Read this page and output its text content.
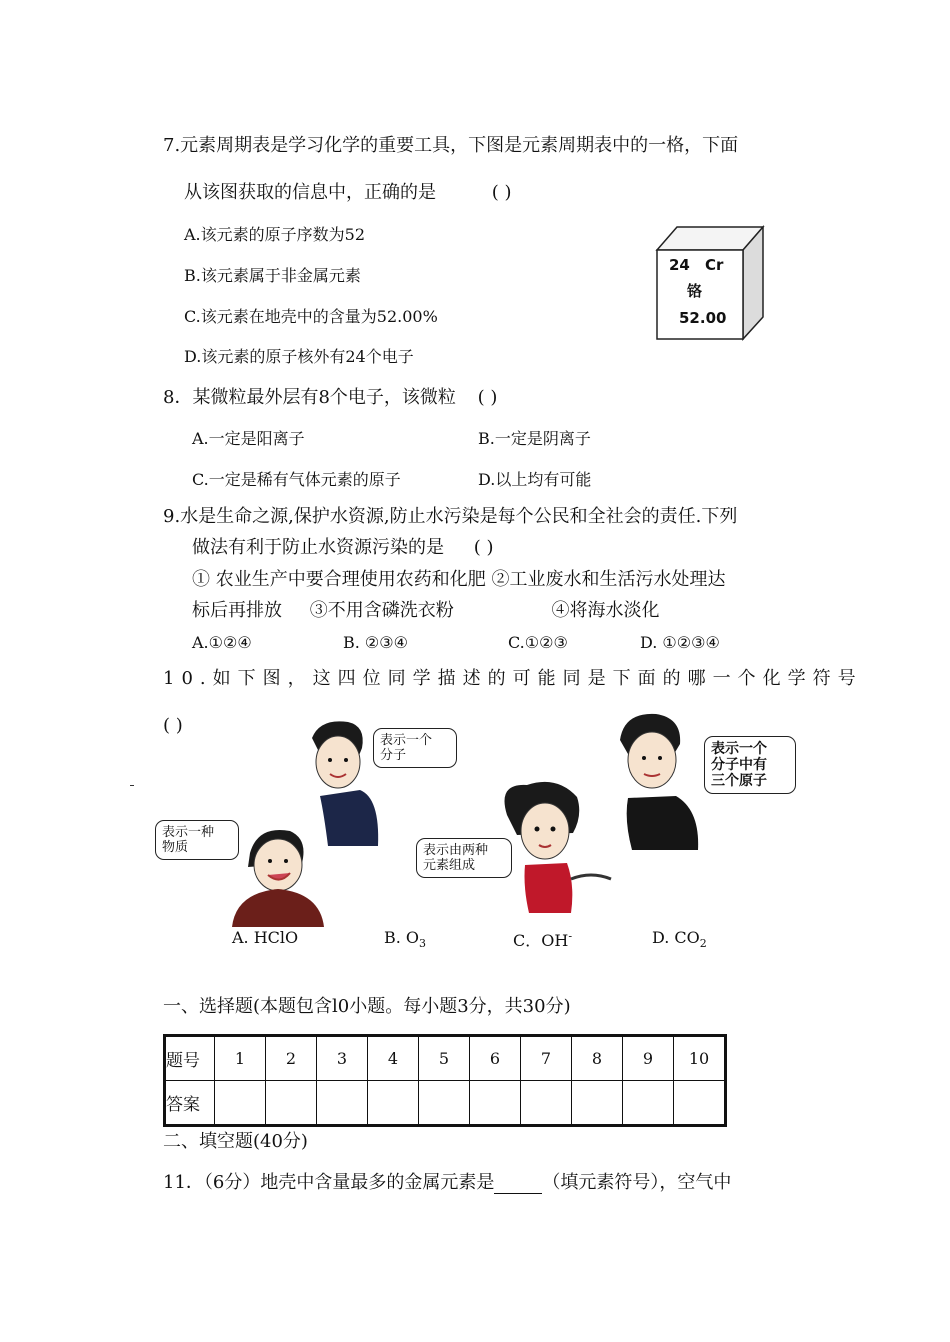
7.元素周期表是学习化学的重要工具，下图是元素周期表中的一格，下面
从该图获取的信息中，正确的是	( )
A.该元素的原子序数为52
B.该元素属于非金属元素
C.该元素在地壳中的含量为52.00%
D.该元素的原子核外有24个电子
24 Cr
铬
52.00
8．某微粒最外层有8个电子，该微粒 ( )
A.一定是阳离子	B.一定是阴离子
C.一定是稀有气体元素的原子	D.以上均有可能
9.水是生命之源,保护水资源,防止水污染是每个公民和全社会的责任.下列
做法有利于防止水资源污染的是 ( )
① 农业生产中要合理使用农药和化肥 ②工业废水和生活污水处理达
标后再排放 ③不用含磷洗衣粉	④将海水淡化
A.①②④	B. ②③④	C.①②③	D. ①②③④
10.如下图，这四位同学描述的可能同是下面的哪一个化学符号
( )
表示一种
物质
表示一个
分子
表示由两种
元素组成
表示一个
分子中有
三个原子
A. HClO	B. $O_3$	C．OH-	D. $CO_2$
一、选择题(本题包含l0小题。每小题3分，共30分)
题号	1	2	3	4	5	6	7	8	9	10
答案										
二、填空题(40分)
11．（6分）地壳中含量最多的金属元素是	（填元素符号），空气中
